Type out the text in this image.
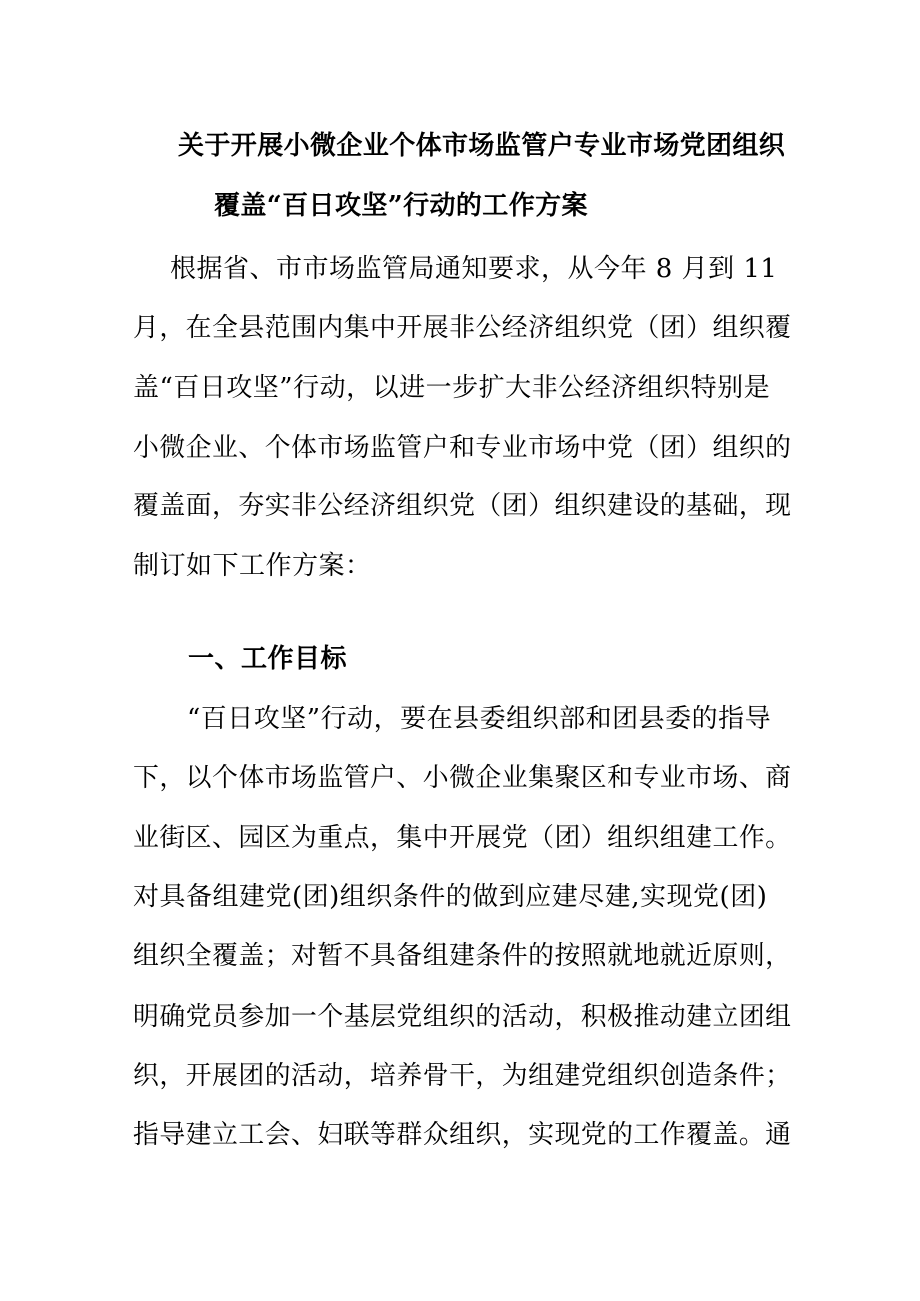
关于开展小微企业个体市场监管户专业市场党团组织
覆盖“百日攻坚”行动的工作方案
根据省、市市场监管局通知要求，从今年 8 月到 11
月，在全县范围内集中开展非公经济组织党（团）组织覆
盖“百日攻坚”行动，以进一步扩大非公经济组织特别是
小微企业、个体市场监管户和专业市场中党（团）组织的
覆盖面，夯实非公经济组织党（团）组织建设的基础，现
制订如下工作方案：
一、工作目标
“百日攻坚”行动，要在县委组织部和团县委的指导
下，以个体市场监管户、小微企业集聚区和专业市场、商
业街区、园区为重点，集中开展党（团）组织组建工作。
对具备组建党(团)组织条件的做到应建尽建,实现党(团)
组织全覆盖；对暂不具备组建条件的按照就地就近原则，
明确党员参加一个基层党组织的活动，积极推动建立团组
织，开展团的活动，培养骨干，为组建党组织创造条件；
指导建立工会、妇联等群众组织，实现党的工作覆盖。通
